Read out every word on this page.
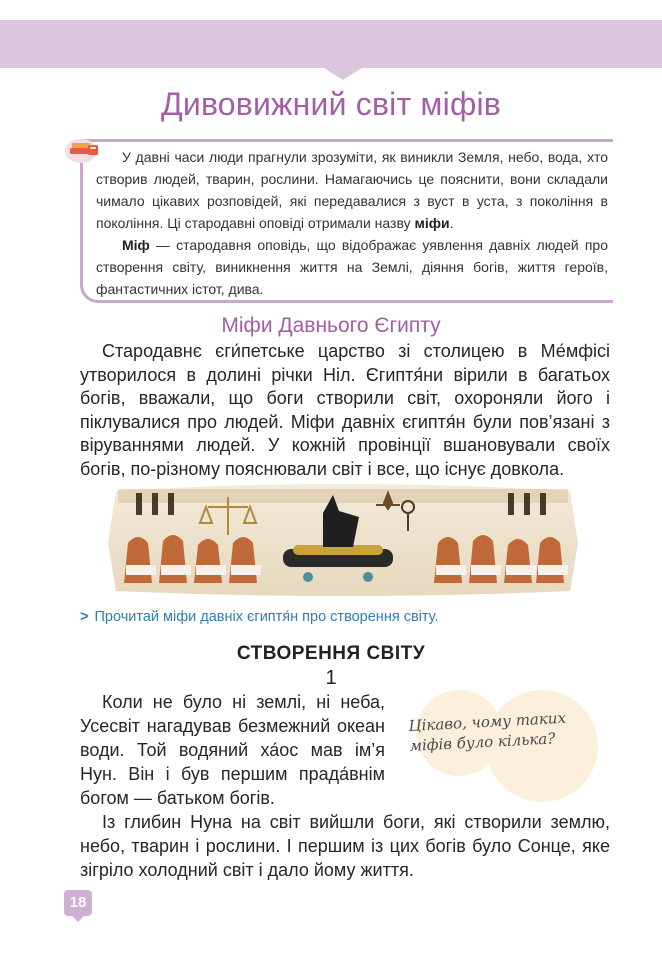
Дивовижний світ міфів

У давні часи люди прагнули зрозуміти, як виникли Земля, небо, вода, хто створив людей, тварин, рослини. Намагаючись це пояснити, вони складали чимало цікавих розповідей, які передавалися з вуст в уста, з покоління в покоління. Ці стародавні оповіді отримали назву міфи.

Міф — стародавня оповідь, що відображає уявлення давніх людей про створення світу, виникнення життя на Землі, діяння богів, життя героїв, фантастичних істот, дива.

Міфи Давнього Єгипту

Стародавнє єги́петське царство зі столицею в Ме́мфісі утворилося в долині річки Ніл. Єгиптя́ни вірили в багатьох богів, вважали, що боги створили світ, охороняли його і піклувалися про людей. Міфи давніх єгиптя́н були пов’язані з віруваннями людей. У кожній провінції вшановували своїх богів, по-різному пояснювали світ і все, що існує довкола.

> Прочитай міфи давніх єгиптя́н про створення світу.
СТВОРЕННЯ СВІТУ
1

Коли не було ні землі, ні неба, Усесвіт нагадував безмежний океан води. Той водяний ха́ос мав ім’я Нун. Він і був першим прада́внім богом — батьком богів.

Цікаво, чому таких
міфів було кілька?

Із глибин Нуна на світ вийшли боги, які створили землю, небо, тварин і рослини. І першим із цих богів було Сонце, яке зігріло холодний світ і дало йому життя.

18
